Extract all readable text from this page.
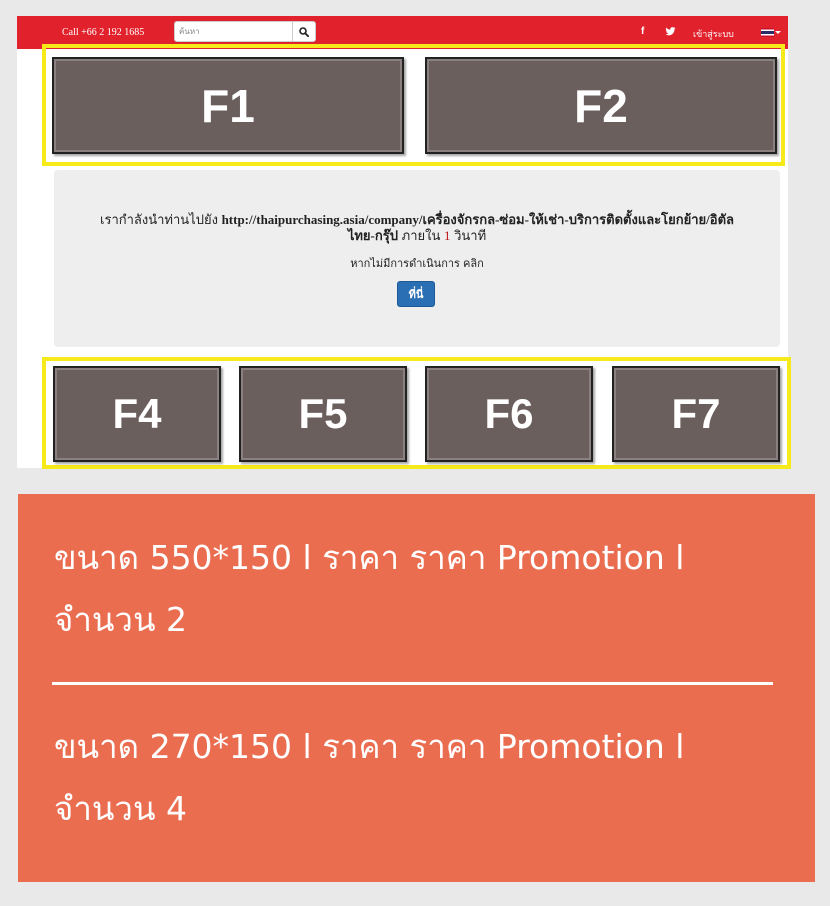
Call +66 2 192 1685
ค้นหา	f	เข้าสู่ระบบ
F1	F2
เรากำลังนำท่านไปยัง http://thaipurchasing.asia/company/เครื่องจักรกล-ซ่อม-ให้เช่า-บริการติดตั้งและโยกย้าย/อิตัลไทย-กรุ๊ป ภายใน 1 วินาที
หากไม่มีการดำเนินการ คลิก
ที่นี่
F4	F5	F6	F7
ขนาด 550*150 l ราคา ราคา Promotion l จำนวน 2
ขนาด 270*150 l ราคา ราคา Promotion l จำนวน 4
